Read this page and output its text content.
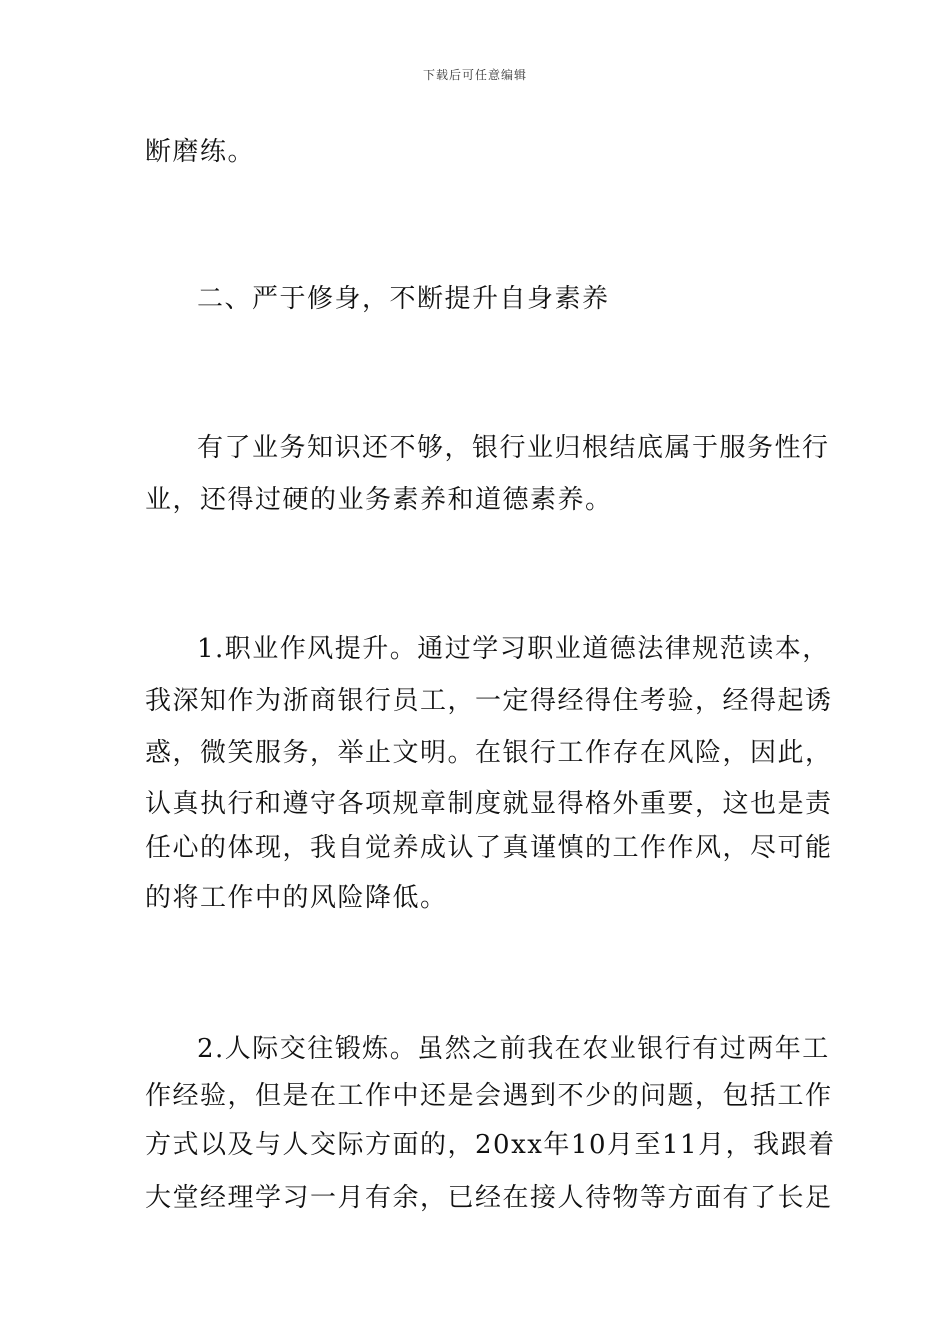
下载后可任意编辑
断磨练。
二、严于修身，不断提升自身素养
有了业务知识还不够，银行业归根结底属于服务性行
业，还得过硬的业务素养和道德素养。
1.职业作风提升。通过学习职业道德法律规范读本，
我深知作为浙商银行员工，一定得经得住考验，经得起诱
惑，微笑服务，举止文明。在银行工作存在风险，因此，
认真执行和遵守各项规章制度就显得格外重要，这也是责
任心的体现，我自觉养成认了真谨慎的工作作风，尽可能
的将工作中的风险降低。
2.人际交往锻炼。虽然之前我在农业银行有过两年工
作经验，但是在工作中还是会遇到不少的问题，包括工作
方式以及与人交际方面的，20xx年10月至11月，我跟着
大堂经理学习一月有余，已经在接人待物等方面有了长足
